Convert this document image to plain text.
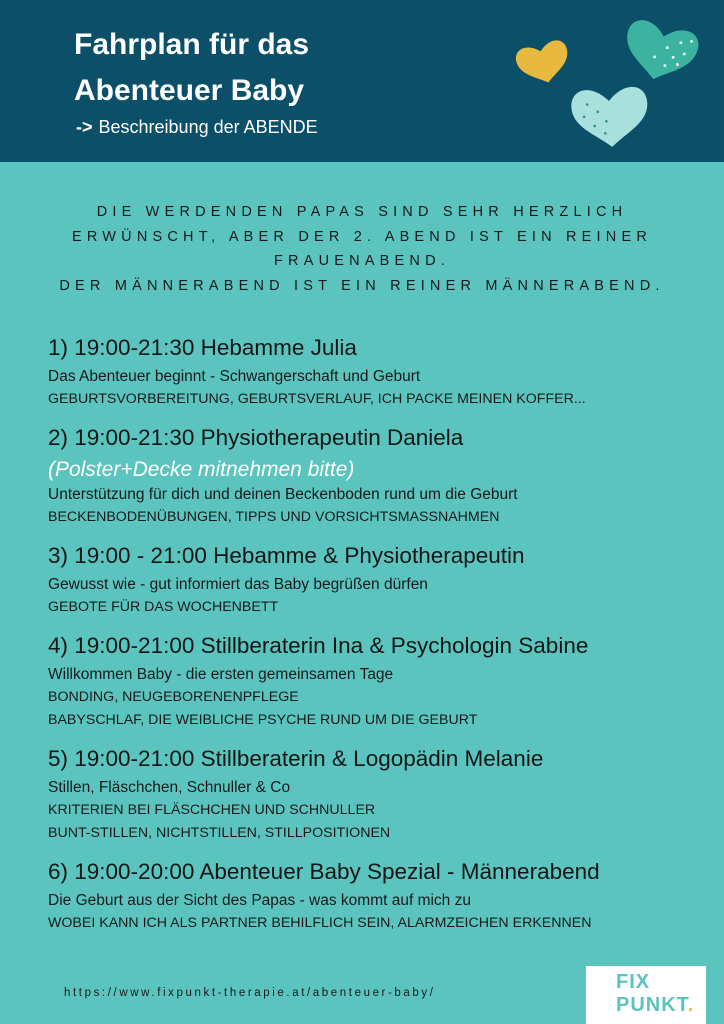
Fahrplan für das
Abenteuer Baby
-> Beschreibung der ABENDE
DIE WERDENDEN PAPAS SIND SEHR HERZLICH
ERWÜNSCHT, ABER DER 2. ABEND IST EIN REINER
FRAUENABEND.
DER MÄNNERABEND IST EIN REINER MÄNNERABEND.
1) 19:00-21:30 Hebamme Julia
Das Abenteuer beginnt - Schwangerschaft und Geburt
GEBURTSVORBEREITUNG, GEBURTSVERLAUF, ICH PACKE MEINEN KOFFER...
2) 19:00-21:30 Physiotherapeutin Daniela
(Polster+Decke mitnehmen bitte)
Unterstützung für dich und deinen Beckenboden rund um die Geburt
BECKENBODENÜBUNGEN, TIPPS UND VORSICHTSMASSNAHMEN
3) 19:00 - 21:00 Hebamme & Physiotherapeutin
Gewusst wie - gut informiert das Baby begrüßen dürfen
GEBOTE FÜR DAS WOCHENBETT
4) 19:00-21:00 Stillberaterin Ina & Psychologin Sabine
Willkommen Baby - die ersten gemeinsamen Tage
BONDING, NEUGEBORENENPFLEGE
BABYSCHLAF, DIE WEIBLICHE PSYCHE RUND UM DIE GEBURT
5) 19:00-21:00 Stillberaterin & Logopädin Melanie
Stillen, Fläschchen, Schnuller & Co
KRITERIEN BEI FLÄSCHCHEN UND SCHNULLER
BUNT-STILLEN, NICHTSTILLEN, STILLPOSITIONEN
6) 19:00-20:00 Abenteuer Baby Spezial - Männerabend
Die Geburt aus der Sicht des Papas - was kommt auf mich zu
WOBEI KANN ICH ALS PARTNER BEHILFLICH SEIN, ALARMZEICHEN ERKENNEN
https://www.fixpunkt-therapie.at/abenteuer-baby/	FIX
PUNKT.
